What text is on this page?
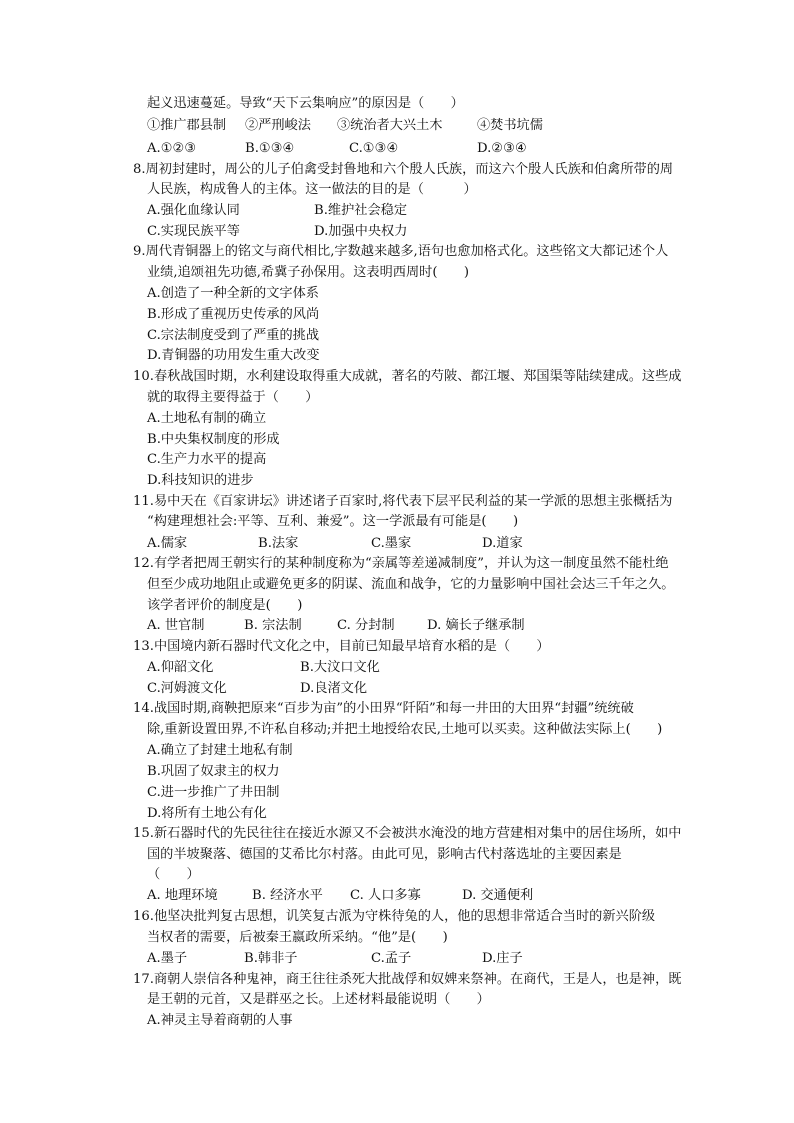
起义迅速蔓延。导致“天下云集响应”的原因是（　　）
①推广郡县制 ②严刑峻法 ③统治者大兴土木	④焚书坑儒
A.①②③	B.①③④	C.①③④	D.②③④
8.周初封建时，周公的儿子伯禽受封鲁地和六个殷人氏族，而这六个殷人氏族和伯禽所带的周
人民族，构成鲁人的主体。这一做法的目的是（　　　）
A.强化血缘认同	B.维护社会稳定
C.实现民族平等	D.加强中央权力
9.周代青铜器上的铭文与商代相比,字数越来越多,语句也愈加格式化。这些铭文大都记述个人
业绩,追颂祖先功德,希冀子孙保用。这表明西周时(　　)
A.创造了一种全新的文字体系
B.形成了重视历史传承的风尚
C.宗法制度受到了严重的挑战
D.青铜器的功用发生重大改变
10.春秋战国时期，水利建设取得重大成就，著名的芍陂、都江堰、郑国渠等陆续建成。这些成
就的取得主要得益于（　　）
A.土地私有制的确立
B.中央集权制度的形成
C.生产力水平的提高
D.科技知识的进步
11.易中天在《百家讲坛》讲述诸子百家时,将代表下层平民利益的某一学派的思想主张概括为
“构建理想社会:平等、互利、兼爱”。这一学派最有可能是(　　)
A.儒家	B.法家	C.墨家	D.道家
12.有学者把周王朝实行的某种制度称为“亲属等差递减制度”，并认为这一制度虽然不能杜绝
但至少成功地阻止或避免更多的阴谋、流血和战争，它的力量影响中国社会达三千年之久。
该学者评价的制度是(　　)
A. 世官制	B. 宗法制	C. 分封制 D. 嫡长子继承制
13.中国境内新石器时代文化之中，目前已知最早培育水稻的是（　　）
A.仰韶文化	B.大汶口文化
C.河姆渡文化	D.良渚文化
14.战国时期,商鞅把原来“百步为亩”的小田界“阡陌”和每一井田的大田界“封疆”统统破
除,重新设置田界,不许私自移动;并把土地授给农民,土地可以买卖。这种做法实际上(　　)
A.确立了封建土地私有制
B.巩固了奴隶主的权力
C.进一步推广了井田制
D.将所有土地公有化
15.新石器时代的先民往往在接近水源又不会被洪水淹没的地方营建相对集中的居住场所，如中
国的半坡聚落、德国的艾希比尔村落。由此可见，影响古代村落选址的主要因素是
（　　）
A. 地理环境	B. 经济水平 C. 人口多寡	D. 交通便利
16.他坚决批判复古思想，讥笑复古派为守株待兔的人，他的思想非常适合当时的新兴阶级
当权者的需要，后被秦王嬴政所采纳。“他”是(　　)
A.墨子	B.韩非子	C.孟子	D.庄子
17.商朝人崇信各种鬼神，商王往往杀死大批战俘和奴婢来祭神。在商代，王是人，也是神，既
是王朝的元首，又是群巫之长。上述材料最能说明（　　）
A.神灵主导着商朝的人事
